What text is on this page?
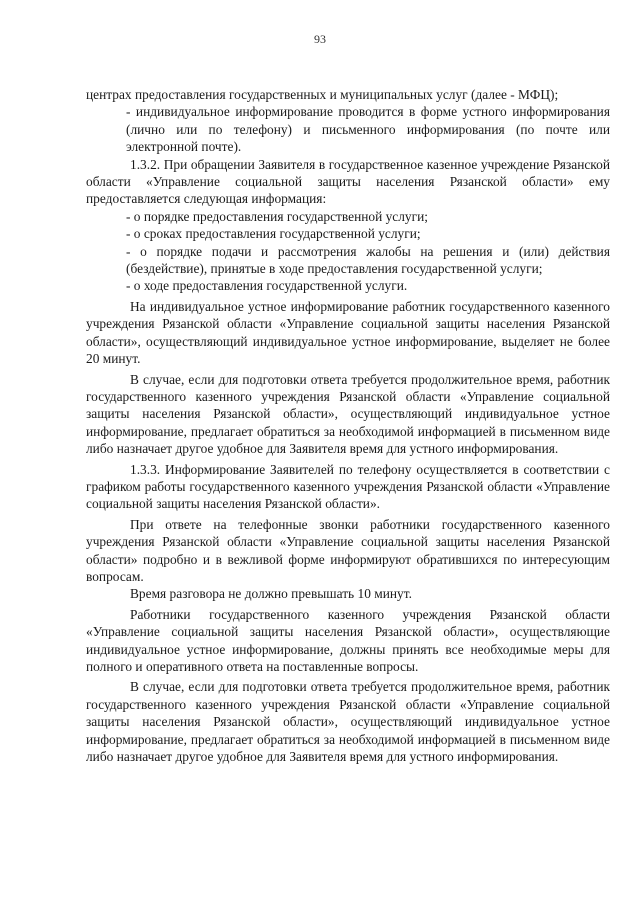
93

центрах предоставления государственных и муниципальных услуг (далее - МФЦ);

- индивидуальное информирование проводится в форме устного информирования (лично или по телефону) и письменного информирования (по почте или электронной почте).

1.3.2. При обращении Заявителя в государственное казенное учреждение Рязанской области «Управление социальной защиты населения Рязанской области» ему предоставляется следующая информация:

- о порядке предоставления государственной услуги;

- о сроках предоставления государственной услуги;

- о порядке подачи и рассмотрения жалобы на решения и (или) действия (бездействие), принятые в ходе предоставления государственной услуги;

- о ходе предоставления государственной услуги.

На индивидуальное устное информирование работник государственного казенного учреждения Рязанской области «Управление социальной защиты населения Рязанской области», осуществляющий индивидуальное устное информирование, выделяет не более 20 минут.

В случае, если для подготовки ответа требуется продолжительное время, работник государственного казенного учреждения Рязанской области «Управление социальной защиты населения Рязанской области», осуществляющий индивидуальное устное информирование, предлагает обратиться за необходимой информацией в письменном виде либо назначает другое удобное для Заявителя время для устного информирования.

1.3.3. Информирование Заявителей по телефону осуществляется в соответствии с графиком работы государственного казенного учреждения Рязанской области «Управление социальной защиты населения Рязанской области».

При ответе на телефонные звонки работники государственного казенного учреждения Рязанской области «Управление социальной защиты населения Рязанской области» подробно и в вежливой форме информируют обратившихся по интересующим вопросам.

Время разговора не должно превышать 10 минут.

Работники государственного казенного учреждения Рязанской области «Управление социальной защиты населения Рязанской области», осуществляющие индивидуальное устное информирование, должны принять все необходимые меры для полного и оперативного ответа на поставленные вопросы.

В случае, если для подготовки ответа требуется продолжительное время, работник государственного казенного учреждения Рязанской области «Управление социальной защиты населения Рязанской области», осуществляющий индивидуальное устное информирование, предлагает обратиться за необходимой информацией в письменном виде либо назначает другое удобное для Заявителя время для устного информирования.
